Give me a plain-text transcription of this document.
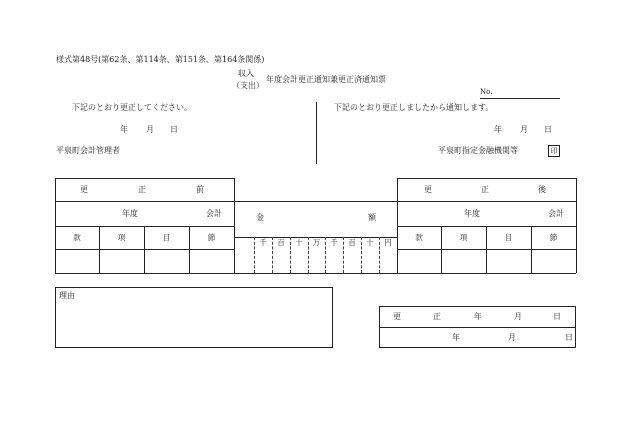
様式第48号(第62条、第114条、第151条、第164条関係)
収入
（支出）
年度会計更正通知兼更正済通知票
No.
下記のとおり更正してください。
年 月 日
平泉町会計管理者
下記のとおり更正しましたから通知します。
年 月 日
平泉町指定金融機関等	印
更	正	前
年度	会計
款	項	目	節
金	額
千	百	十	万	千	百	十	円
更	正	後
年度	会計
款	項	目	節
理由
更	正	年	月	日
年	月	日
